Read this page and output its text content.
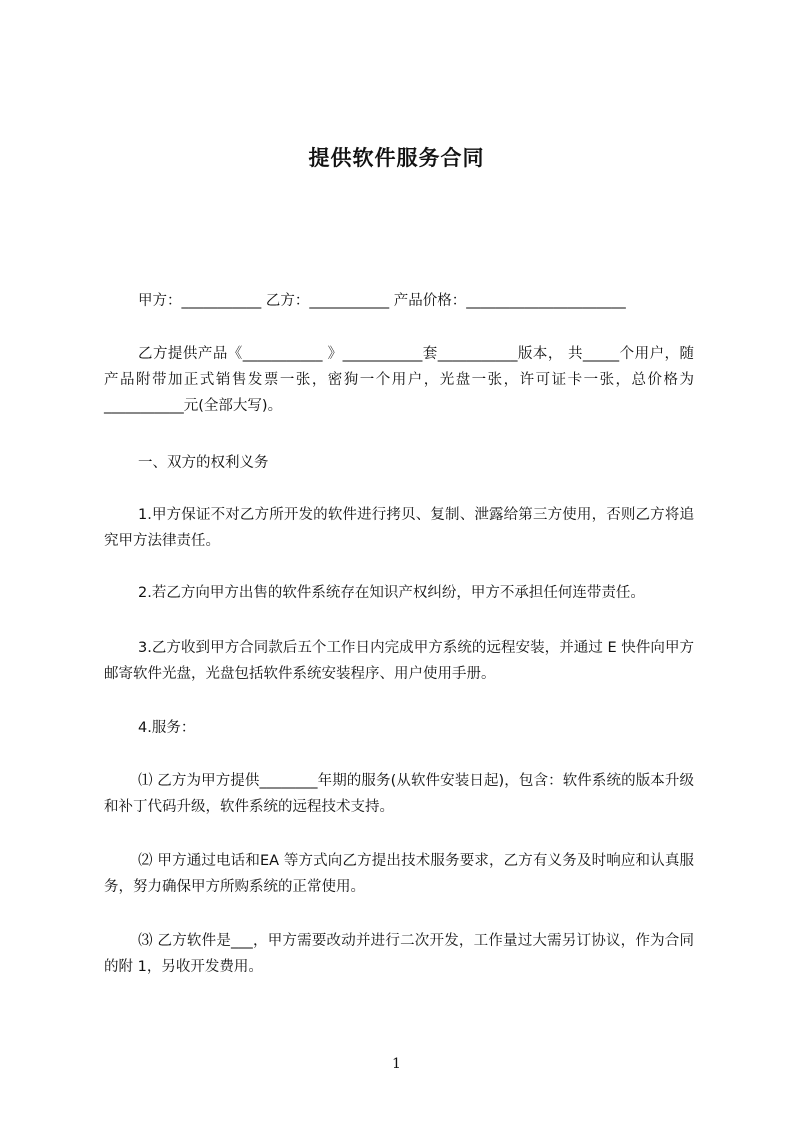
提供软件服务合同
甲方：___________ 乙方：___________ 产品价格：______________________

乙方提供产品《___________ 》___________套___________版本， 共_____个用户，随产品附带加正式销售发票一张，密狗一个用户，光盘一张，许可证卡一张，总价格为___________元(全部大写)。

一、双方的权利义务

1.甲方保证不对乙方所开发的软件进行拷贝、复制、泄露给第三方使用，否则乙方将追究甲方法律责任。

2.若乙方向甲方出售的软件系统存在知识产权纠纷，甲方不承担任何连带责任。

3.乙方收到甲方合同款后五个工作日内完成甲方系统的远程安装，并通过 E 快件向甲方邮寄软件光盘，光盘包括软件系统安装程序、用户使用手册。

4.服务：

⑴ 乙方为甲方提供________年期的服务(从软件安装日起)，包含：软件系统的版本升级和补丁代码升级，软件系统的远程技术支持。

⑵ 甲方通过电话和EA 等方式向乙方提出技术服务要求，乙方有义务及时响应和认真服务，努力确保甲方所购系统的正常使用。

⑶ 乙方软件是___，甲方需要改动并进行二次开发，工作量过大需另订协议，作为合同的附 1，另收开发费用。

1
